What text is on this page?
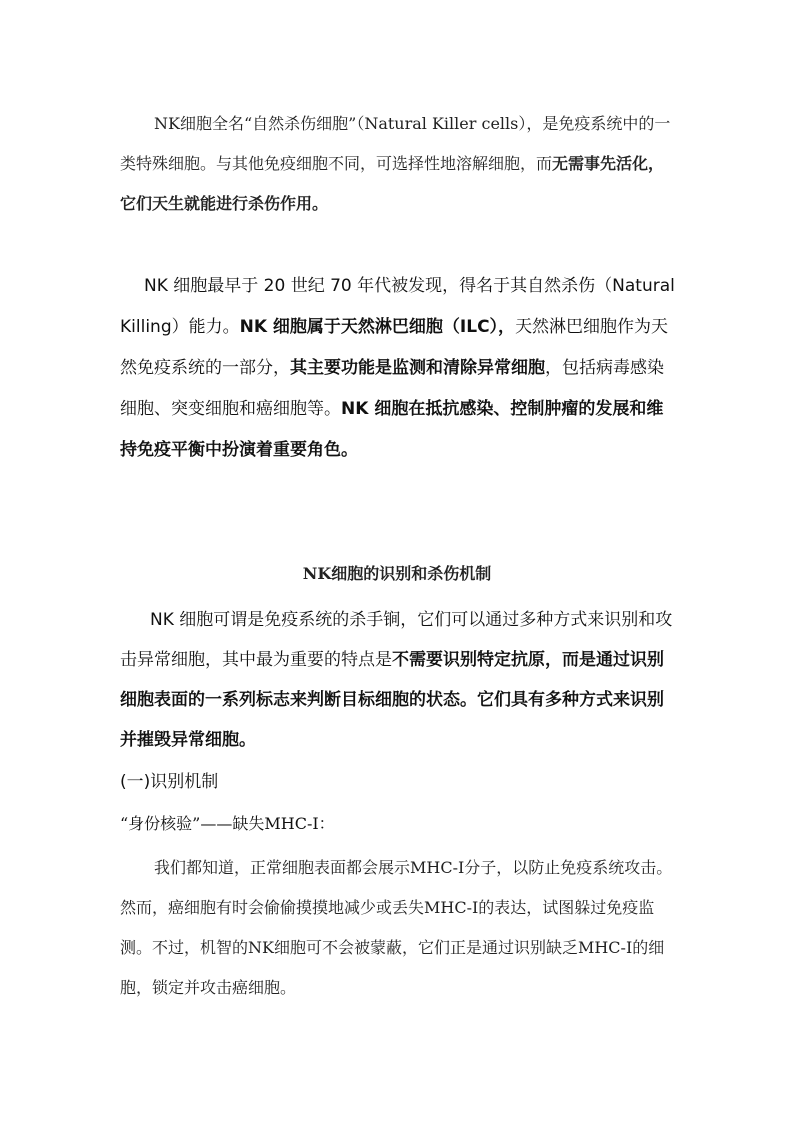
NK细胞全名“自然杀伤细胞”（Natural Killer cells），是免疫系统中的一类特殊细胞。与其他免疫细胞不同，可选择性地溶解细胞，而无需事先活化，它们天生就能进行杀伤作用。

NK 细胞最早于 20 世纪 70 年代被发现，得名于其自然杀伤（Natural Killing）能力。NK 细胞属于天然淋巴细胞（ILC），天然淋巴细胞作为天然免疫系统的一部分，其主要功能是监测和清除异常细胞，包括病毒感染细胞、突变细胞和癌细胞等。NK 细胞在抵抗感染、控制肿瘤的发展和维持免疫平衡中扮演着重要角色。

NK细胞的识别和杀伤机制

NK 细胞可谓是免疫系统的杀手锏，它们可以通过多种方式来识别和攻击异常细胞，其中最为重要的特点是不需要识别特定抗原，而是通过识别细胞表面的一系列标志来判断目标细胞的状态。它们具有多种方式来识别并摧毁异常细胞。

(一)识别机制

“身份核验”——缺失MHC-I：

我们都知道，正常细胞表面都会展示MHC-I分子，以防止免疫系统攻击。然而，癌细胞有时会偷偷摸摸地减少或丢失MHC-I的表达，试图躲过免疫监测。不过，机智的NK细胞可不会被蒙蔽，它们正是通过识别缺乏MHC-I的细胞，锁定并攻击癌细胞。
